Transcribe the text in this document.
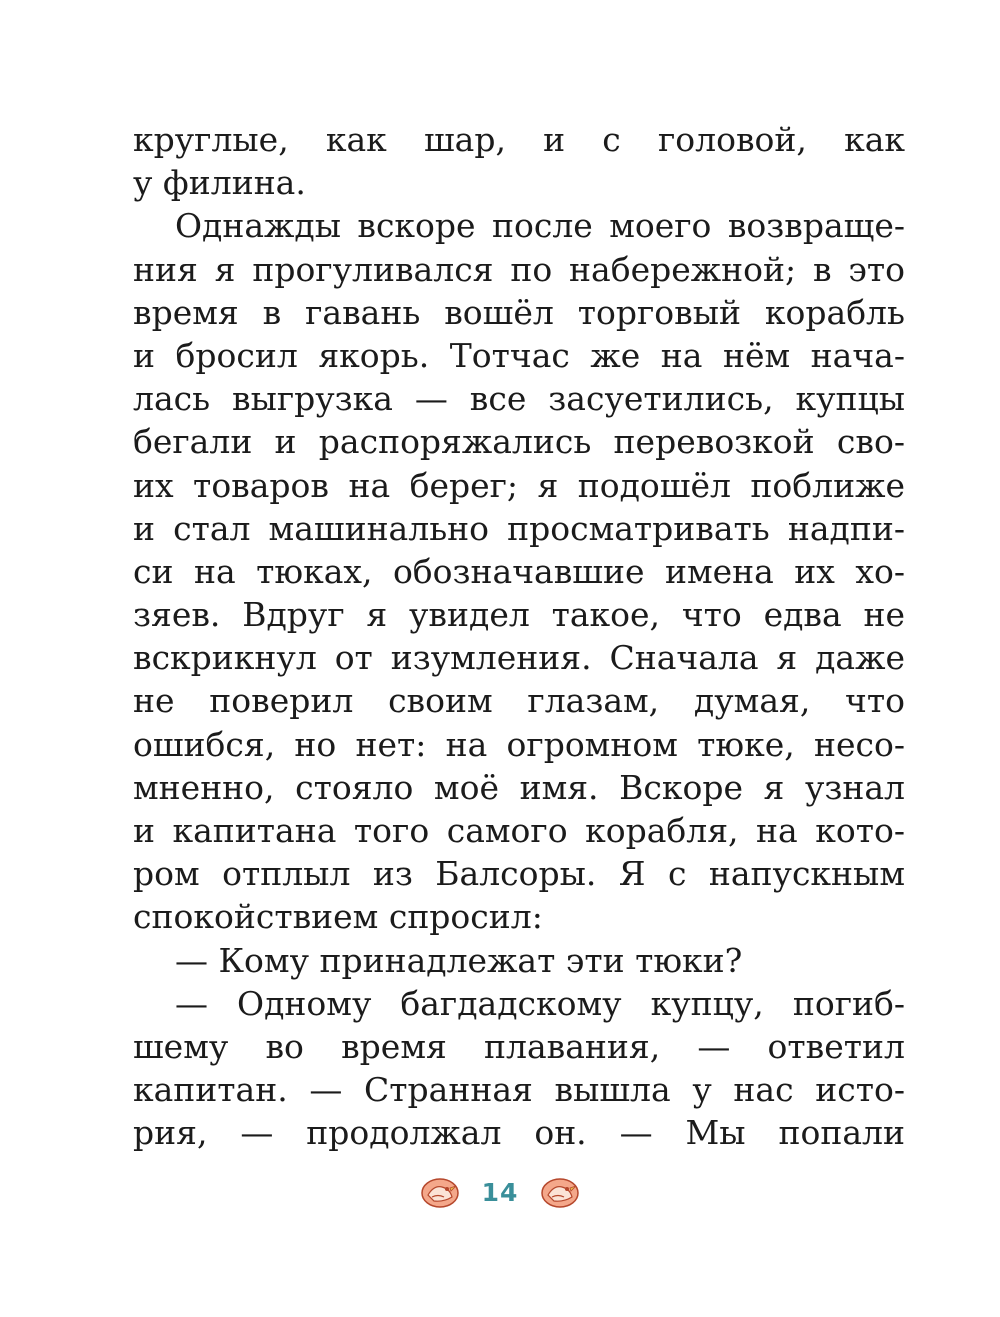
круглые, как шар, и с головой, как
у филина.
Однажды вскоре после моего возвраще-
ния я прогуливался по набережной; в это
время в гавань вошёл торговый корабль
и бросил якорь. Тотчас же на нём нача-
лась выгрузка — все засуетились, купцы
бегали и распоряжались перевозкой сво-
их товаров на берег; я подошёл поближе
и стал машинально просматривать надпи-
си на тюках, обозначавшие имена их хо-
зяев. Вдруг я увидел такое, что едва не
вскрикнул от изумления. Сначала я даже
не поверил своим глазам, думая, что
ошибся, но нет: на огромном тюке, несо-
мненно, стояло моё имя. Вскоре я узнал
и капитана того самого корабля, на кото-
ром отплыл из Балсоры. Я с напускным
спокойствием спросил:
— Кому принадлежат эти тюки?
— Одному багдадскому купцу, погиб-
шему во время плавания, — ответил
капитан. — Странная вышла у нас исто-
рия, — продолжал он. — Мы попали
14
